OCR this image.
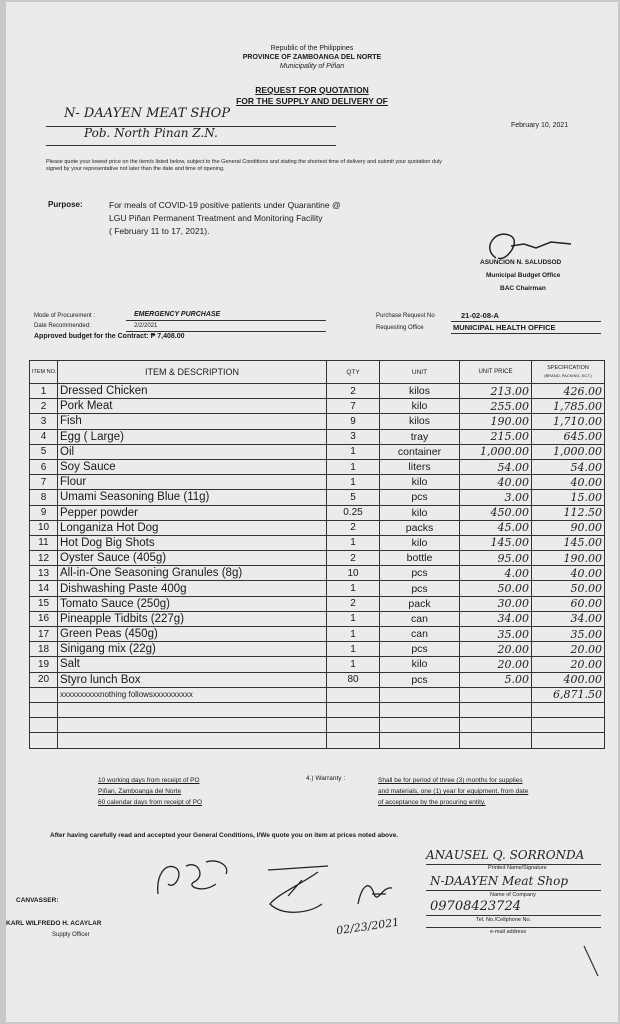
Republic of the Philippines
PROVINCE OF ZAMBOANGA DEL NORTE
Municipality of Piñan
REQUEST FOR QUOTATION
FOR THE SUPPLY AND DELIVERY OF
N- DAAYEN MEAT SHOP
Pob. North Pinan Z.N.
February 10, 2021
Please quote your lowest price on the item/s listed below, subject to the General Conditions and stating the shortest time of delivery and submit your quotation duly signed by your representative not later than the date and time of opening.
Purpose:	For meals of COVID-19 positive patients under Quarantine @
LGU Piñan Permanent Treatment and Monitoring Facility
( February 11 to 17, 2021).
ASUNCION N. SALUDSOD
Municipal Budget Office
BAC Chairman
Mode of Procurement :	EMERGENCY PURCHASE
Date Recommended:	2/2/2021
Approved budget for the Contract: ₱ 7,408.00
Purchase Request No	21-02-08-A
Requesting Office	MUNICIPAL HEALTH OFFICE
ITEM NO.	ITEM & DESCRIPTION	QTY	UNIT	UNIT PRICE	SPECIFICATION
(BRAND, PACKING, ECT.)

1	Dressed Chicken	2	kilos	213.00	426.00
2	Pork Meat	7	kilo	255.00	1,785.00
3	Fish	9	kilos	190.00	1,710.00
4	Egg ( Large)	3	tray	215.00	645.00
5	Oil	1	container	1,000.00	1,000.00
6	Soy Sauce	1	liters	54.00	54.00
7	Flour	1	kilo	40.00	40.00
8	Umami Seasoning Blue (11g)	5	pcs	3.00	15.00
9	Pepper powder	0.25	kilo	450.00	112.50
10	Longaniza Hot Dog	2	packs	45.00	90.00
11	Hot Dog Big Shots	1	kilo	145.00	145.00
12	Oyster Sauce (405g)	2	bottle	95.00	190.00
13	All-in-One Seasoning Granules (8g)	10	pcs	4.00	40.00
14	Dishwashing Paste 400g	1	pcs	50.00	50.00
15	Tomato Sauce (250g)	2	pack	30.00	60.00
16	Pineapple Tidbits (227g)	1	can	34.00	34.00
17	Green Peas (450g)	1	can	35.00	35.00
18	Sinigang mix (22g)	1	pcs	20.00	20.00
19	Salt	1	kilo	20.00	20.00
20	Styro lunch Box	80	pcs	5.00	400.00
	xxxxxxxxxxnothing followsxxxxxxxxxx				6,871.50

10 working days from receipt of PO
Piñan, Zamboanga del Norte
60 calendar days from receipt of PO
4.) Warranty :	Shall be for period of three (3) months for supplies
and materials, one (1) year for equipment, from date
of acceptance by the procuring entity.
After having carefully read and accepted your General Conditions, I/We quote you on item at prices noted above.
ANAUSEL Q. SORRONDA
Printed Name/Signature
N-DAAYEN Meat Shop
Name of Company
09708423724
Tel. No./Cellphone No.
e-mail address
CANVASSER:
KARL WILFREDO H. ACAYLAR
Supply Officer	02/23/2021
